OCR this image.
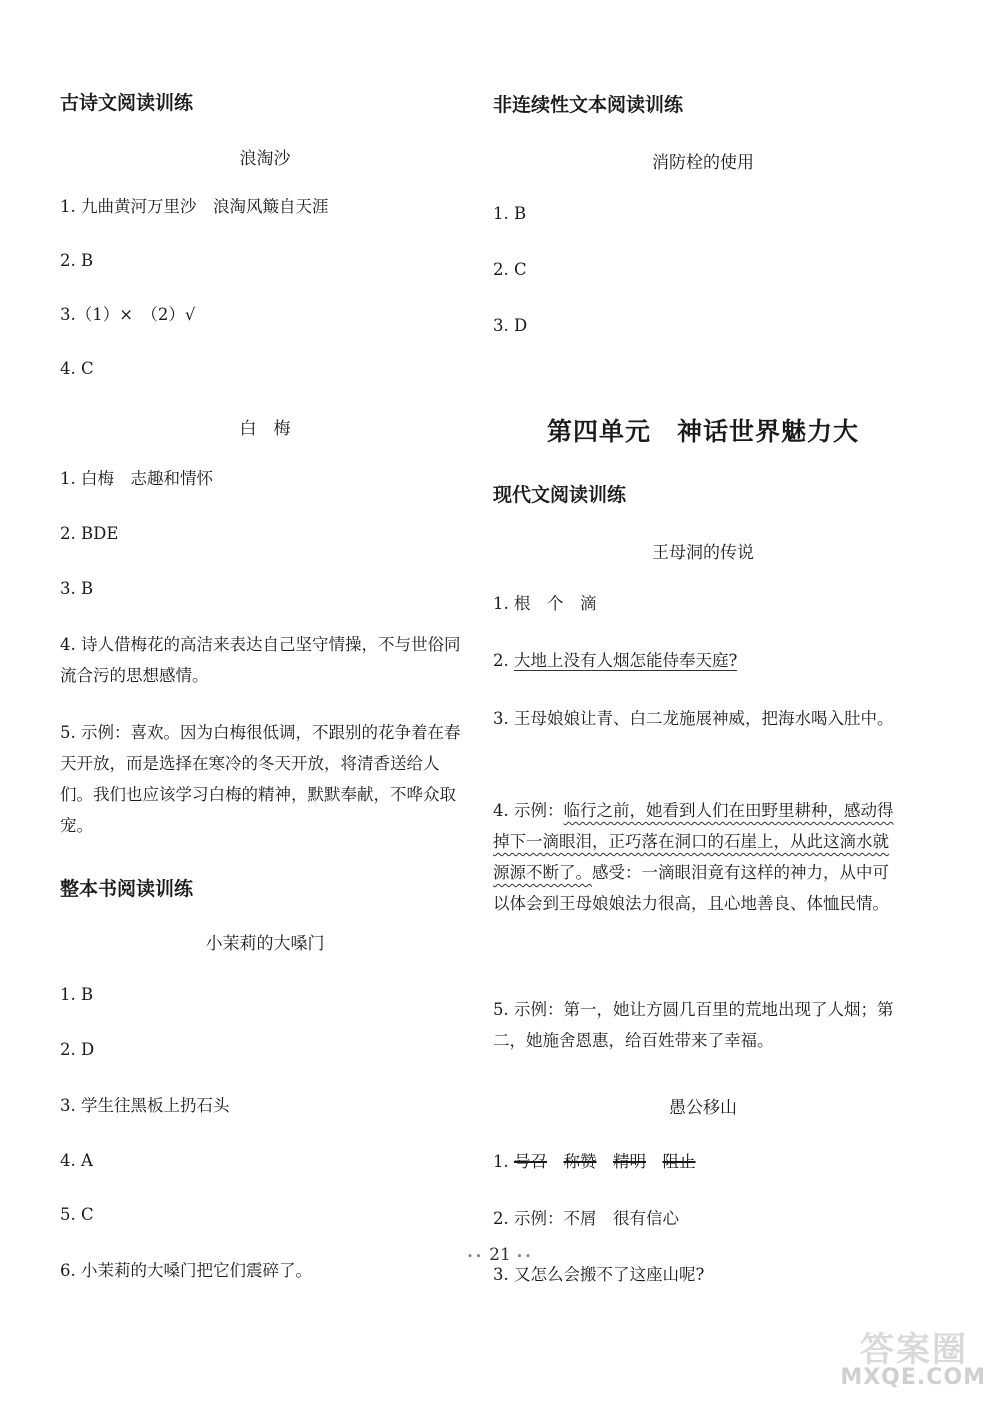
古诗文阅读训练
浪淘沙
1. 九曲黄河万里沙　浪淘风簸自天涯
2. B
3.（1）×　（2）√
4. C
白　梅
1. 白梅　志趣和情怀
2. BDE
3. B
4. 诗人借梅花的高洁来表达自己坚守情操，不与世俗同流合污的思想感情。
5. 示例：喜欢。因为白梅很低调，不跟别的花争着在春天开放，而是选择在寒冷的冬天开放，将清香送给人们。我们也应该学习白梅的精神，默默奉献，不哗众取宠。
整本书阅读训练
小茉莉的大嗓门
1. B
2. D
3. 学生往黑板上扔石头
4. A
5. C
6. 小茉莉的大嗓门把它们震碎了。
非连续性文本阅读训练
消防栓的使用
1. B
2. C
3. D
第四单元　神话世界魅力大
现代文阅读训练
王母洞的传说
1. 根　个　滴
2. 大地上没有人烟怎能侍奉天庭?
3. 王母娘娘让青、白二龙施展神威，把海水喝入肚中。
4. 示例：临行之前，她看到人们在田野里耕种，感动得掉下一滴眼泪，正巧落在洞口的石崖上，从此这滴水就源源不断了。感受：一滴眼泪竟有这样的神力，从中可以体会到王母娘娘法力很高，且心地善良、体恤民情。
5. 示例：第一，她让方圆几百里的荒地出现了人烟；第二，她施舍恩惠，给百姓带来了幸福。
愚公移山
1. 号召　 称赞　 精明　 阻止
2. 示例：不屑　很有信心
3. 又怎么会搬不了这座山呢?
•• 21 ••
答案圈
MXQE.COM
